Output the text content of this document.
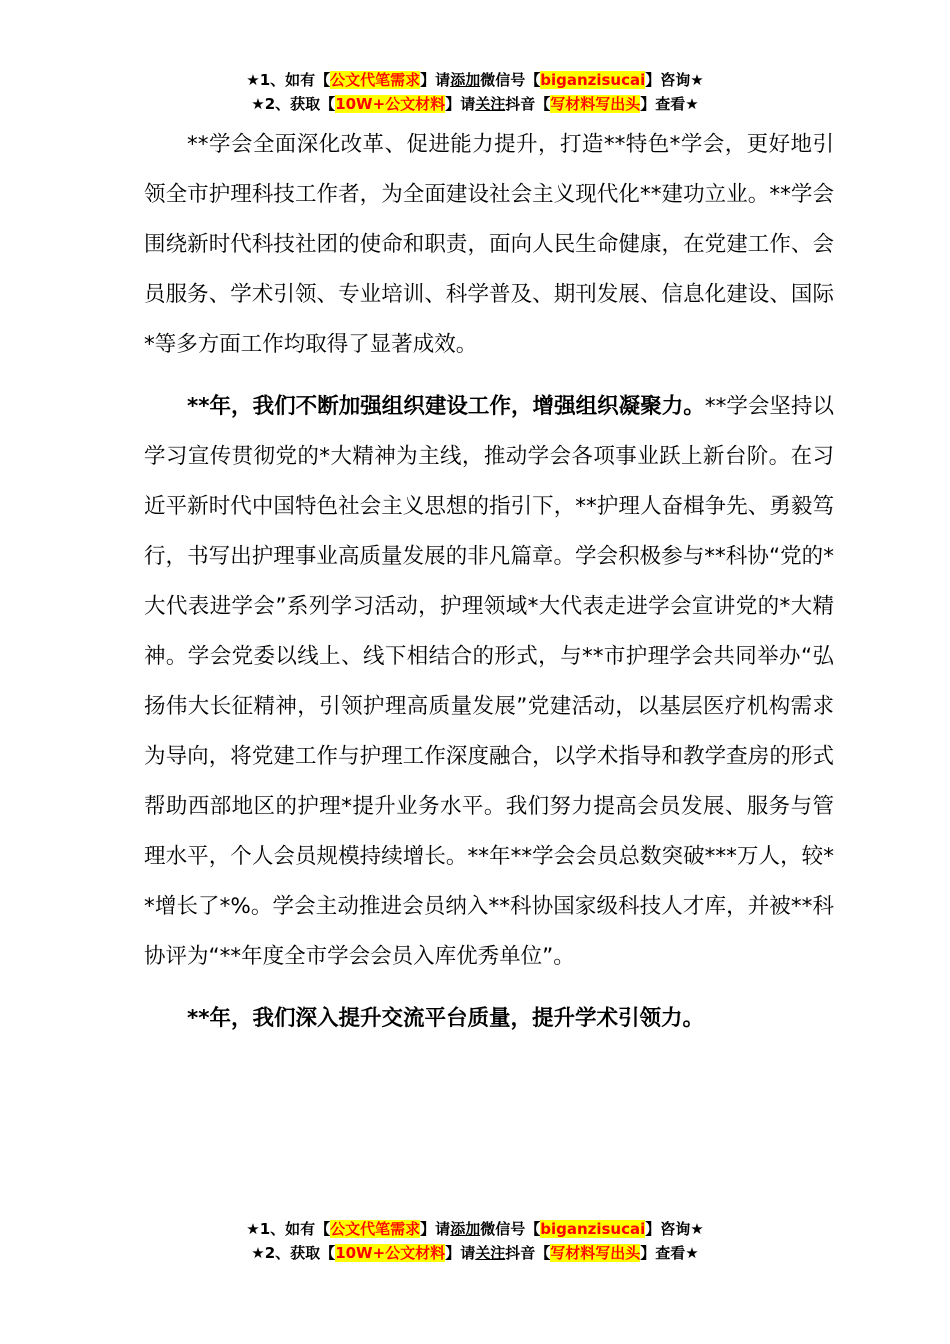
★1、如有【公文代笔需求】请添加微信号【biganzisucai】咨询★
★2、获取【10W+公文材料】请关注抖音【写材料写出头】查看★

**学会全面深化改革、促进能力提升，打造**特色*学会，更好地引领全市护理科技工作者，为全面建设社会主义现代化**建功立业。**学会围绕新时代科技社团的使命和职责，面向人民生命健康，在党建工作、会员服务、学术引领、专业培训、科学普及、期刊发展、信息化建设、国际*等多方面工作均取得了显著成效。

**年，我们不断加强组织建设工作，增强组织凝聚力。**学会坚持以学习宣传贯彻党的*大精神为主线，推动学会各项事业跃上新台阶。在习近平新时代中国特色社会主义思想的指引下，**护理人奋楫争先、勇毅笃行，书写出护理事业高质量发展的非凡篇章。学会积极参与**科协“党的*大代表进学会”系列学习活动，护理领域*大代表走进学会宣讲党的*大精神。学会党委以线上、线下相结合的形式，与**市护理学会共同举办“弘扬伟大长征精神，引领护理高质量发展”党建活动，以基层医疗机构需求为导向，将党建工作与护理工作深度融合，以学术指导和教学查房的形式帮助西部地区的护理*提升业务水平。我们努力提高会员发展、服务与管理水平，个人会员规模持续增长。**年**学会会员总数突破***万人，较**增长了*%。学会主动推进会员纳入**科协国家级科技人才库，并被**科协评为“**年度全市学会会员入库优秀单位”。

**年，我们深入提升交流平台质量，提升学术引领力。

★1、如有【公文代笔需求】请添加微信号【biganzisucai】咨询★
★2、获取【10W+公文材料】请关注抖音【写材料写出头】查看★
